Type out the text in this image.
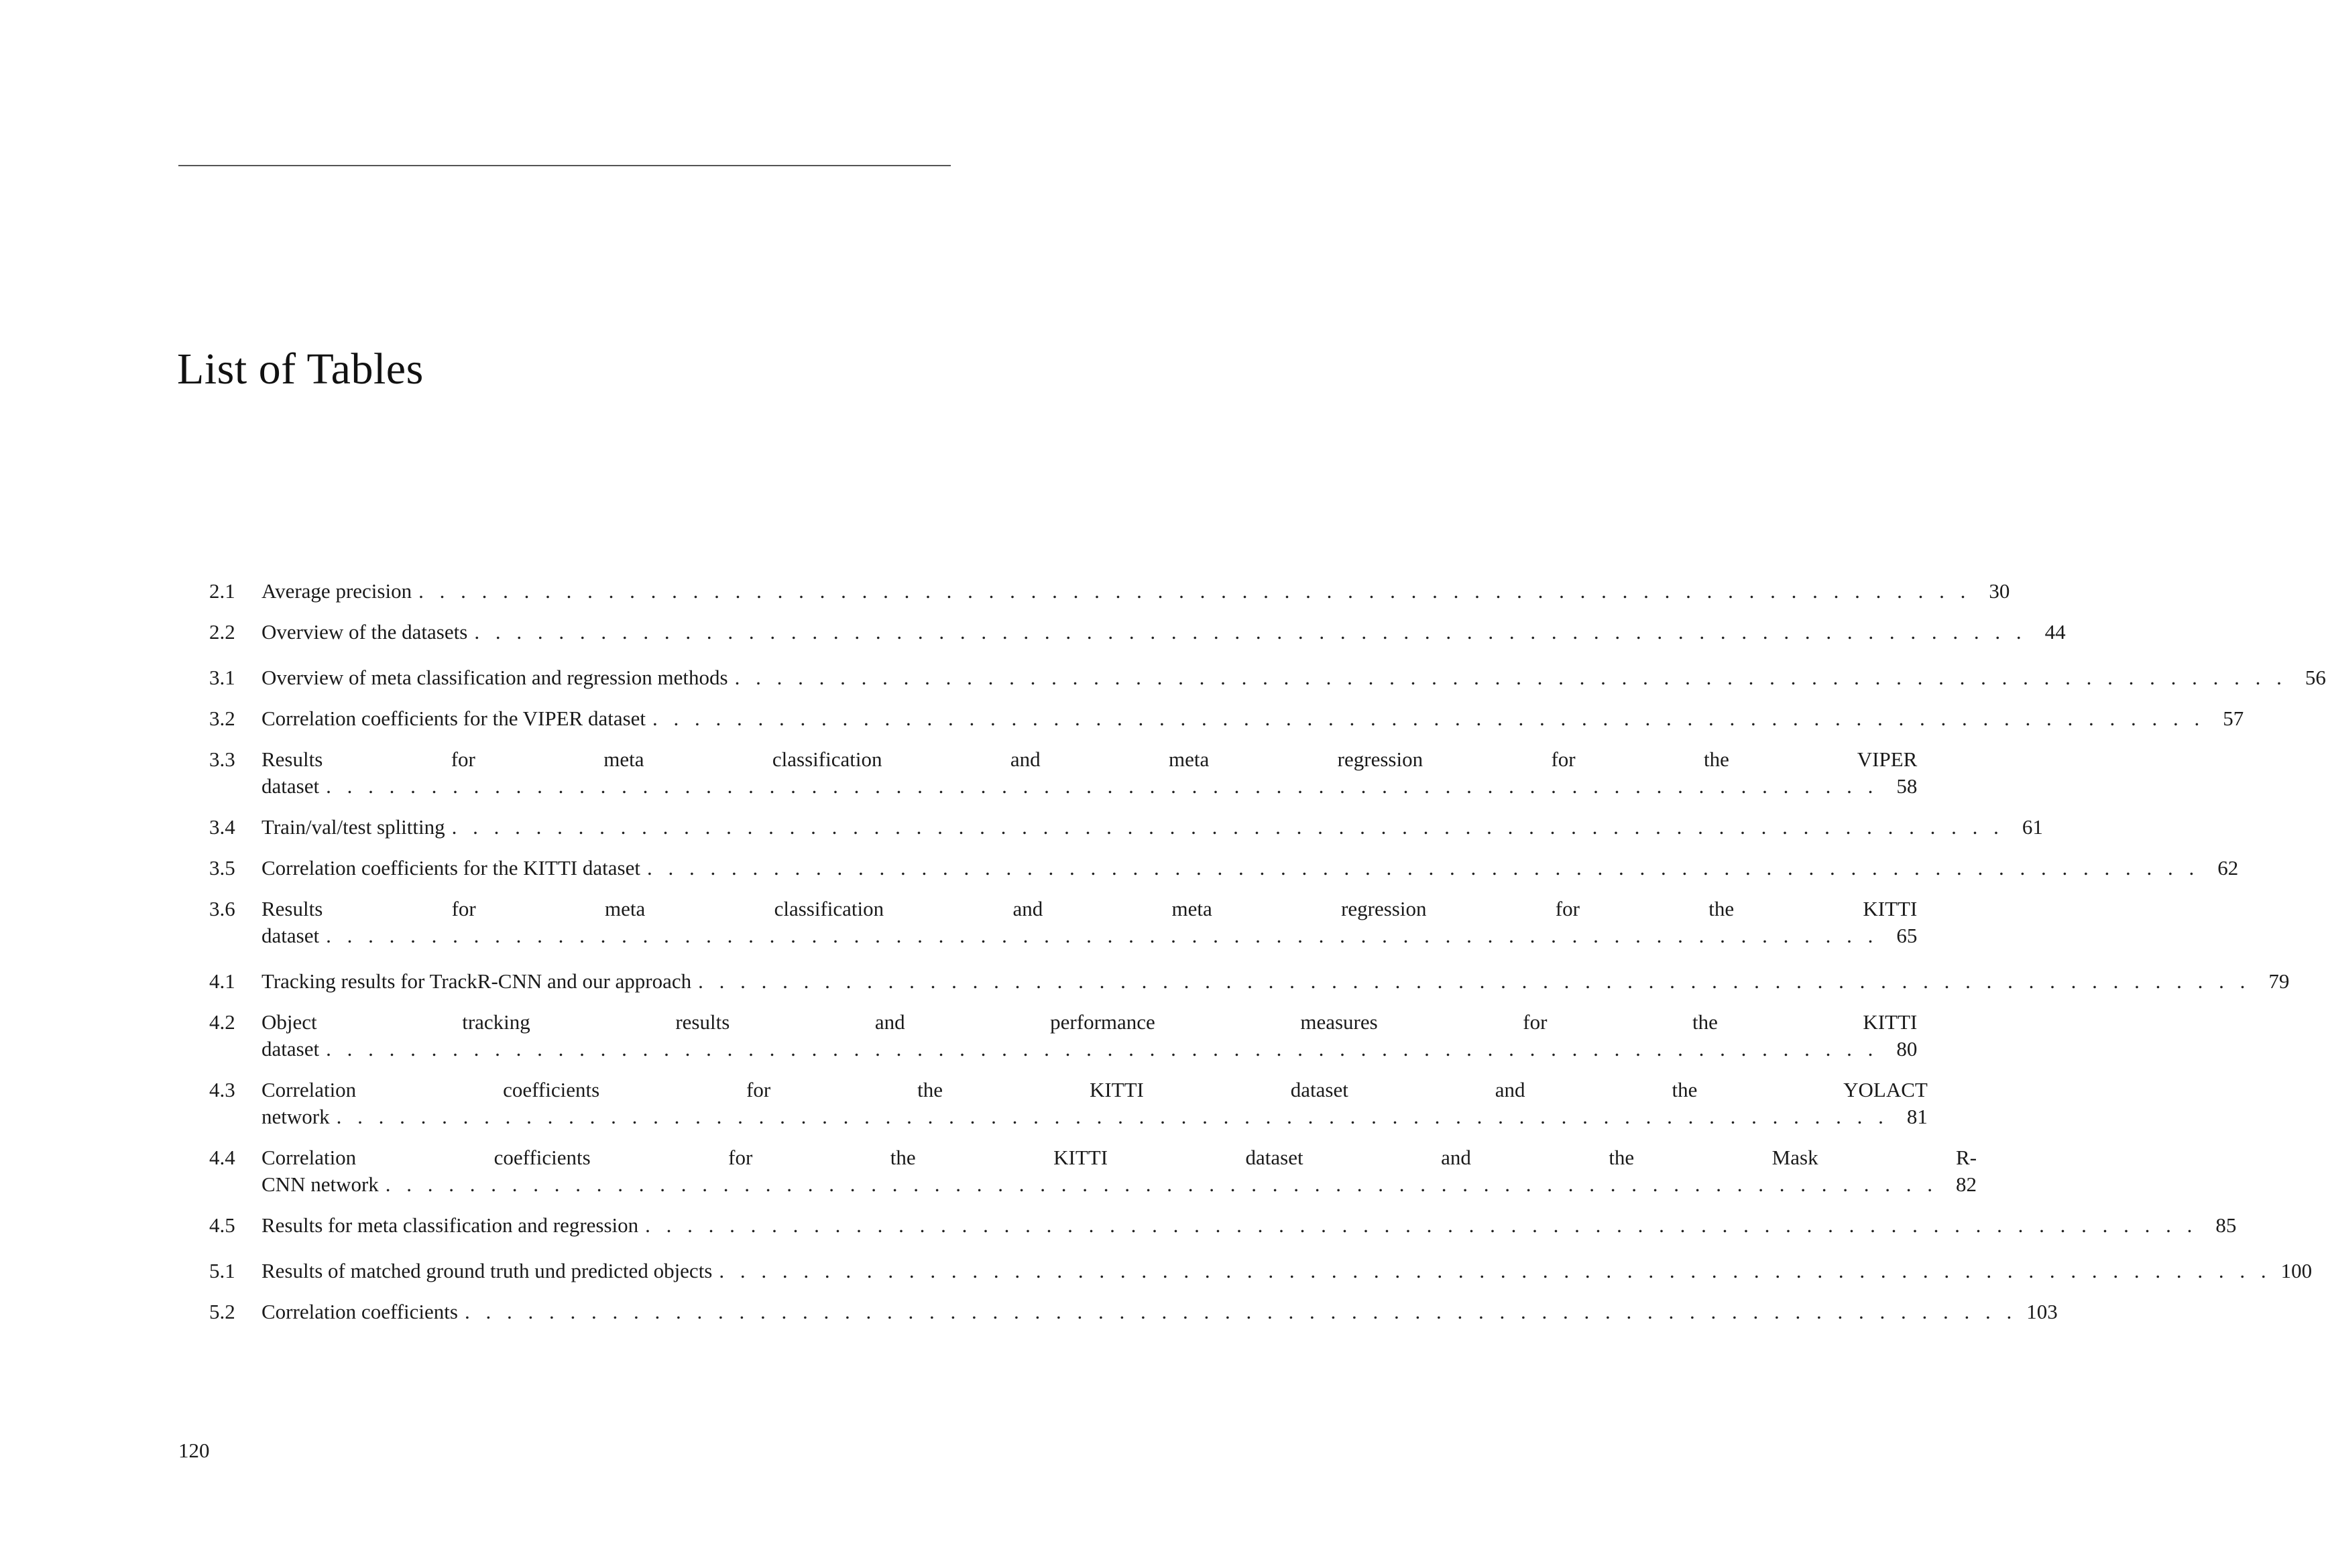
List of Tables
2.1	Average precision . . .	30
2.2	Overview of the datasets . . .	44
3.1	Overview of meta classification and regression methods . . .	56
3.2	Correlation coefficients for the VIPER dataset . . .	57
3.3	Results for meta classification and meta regression for the VIPER
dataset . . .	58
3.4	Train/val/test splitting . . .	61
3.5	Correlation coefficients for the KITTI dataset . . .	62
3.6	Results for meta classification and meta regression for the KITTI
dataset . . .	65
4.1	Tracking results for TrackR-CNN and our approach . . .	79
4.2	Object tracking results and performance measures for the KITTI
dataset . . .	80
4.3	Correlation coefficients for the KITTI dataset and the YOLACT
network . . .	81
4.4	Correlation coefficients for the KITTI dataset and the Mask R-
CNN network . . .	82
4.5	Results for meta classification and regression . . .	85
5.1	Results of matched ground truth und predicted objects . . .	100
5.2	Correlation coefficients . . .	103
120
